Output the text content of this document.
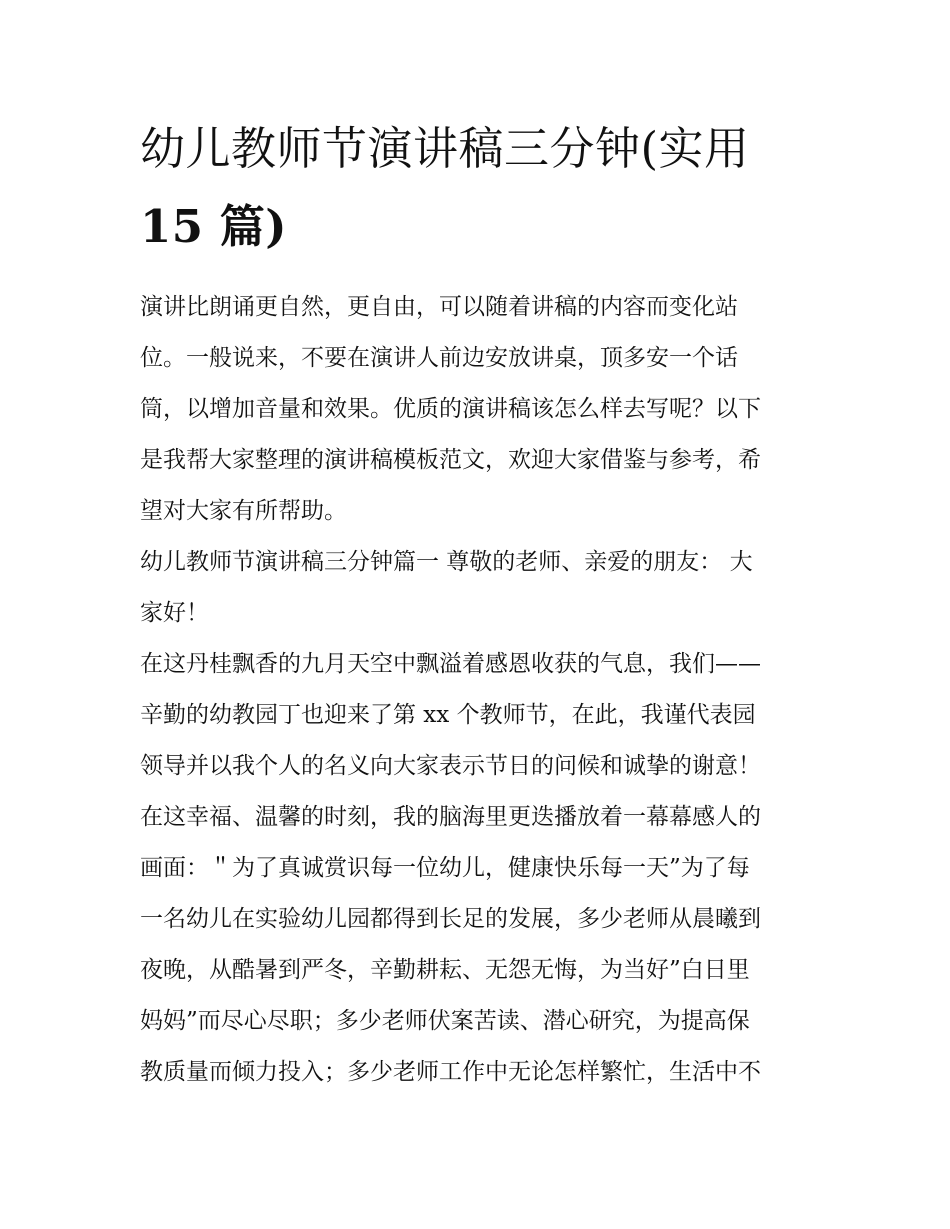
幼儿教师节演讲稿三分钟(实用
15 篇)

演讲比朗诵更自然，更自由，可以随着讲稿的内容而变化站
位。一般说来，不要在演讲人前边安放讲桌，顶多安一个话
筒，以增加音量和效果。优质的演讲稿该怎么样去写呢？以下
是我帮大家整理的演讲稿模板范文，欢迎大家借鉴与参考，希
望对大家有所帮助。

幼儿教师节演讲稿三分钟篇一 尊敬的老师、亲爱的朋友： 大
家好！

在这丹桂飘香的九月天空中飘溢着感恩收获的气息，我们——
辛勤的幼教园丁也迎来了第 xx 个教师节，在此，我谨代表园
领导并以我个人的名义向大家表示节日的问候和诚挚的谢意！
在这幸福、温馨的时刻，我的脑海里更迭播放着一幕幕感人的
画面：＂为了真诚赏识每一位幼儿，健康快乐每一天”为了每
一名幼儿在实验幼儿园都得到长足的发展，多少老师从晨曦到
夜晚，从酷暑到严冬，辛勤耕耘、无怨无悔，为当好”白日里
妈妈”而尽心尽职；多少老师伏案苦读、潜心研究，为提高保
教质量而倾力投入；多少老师工作中无论怎样繁忙，生活中不
